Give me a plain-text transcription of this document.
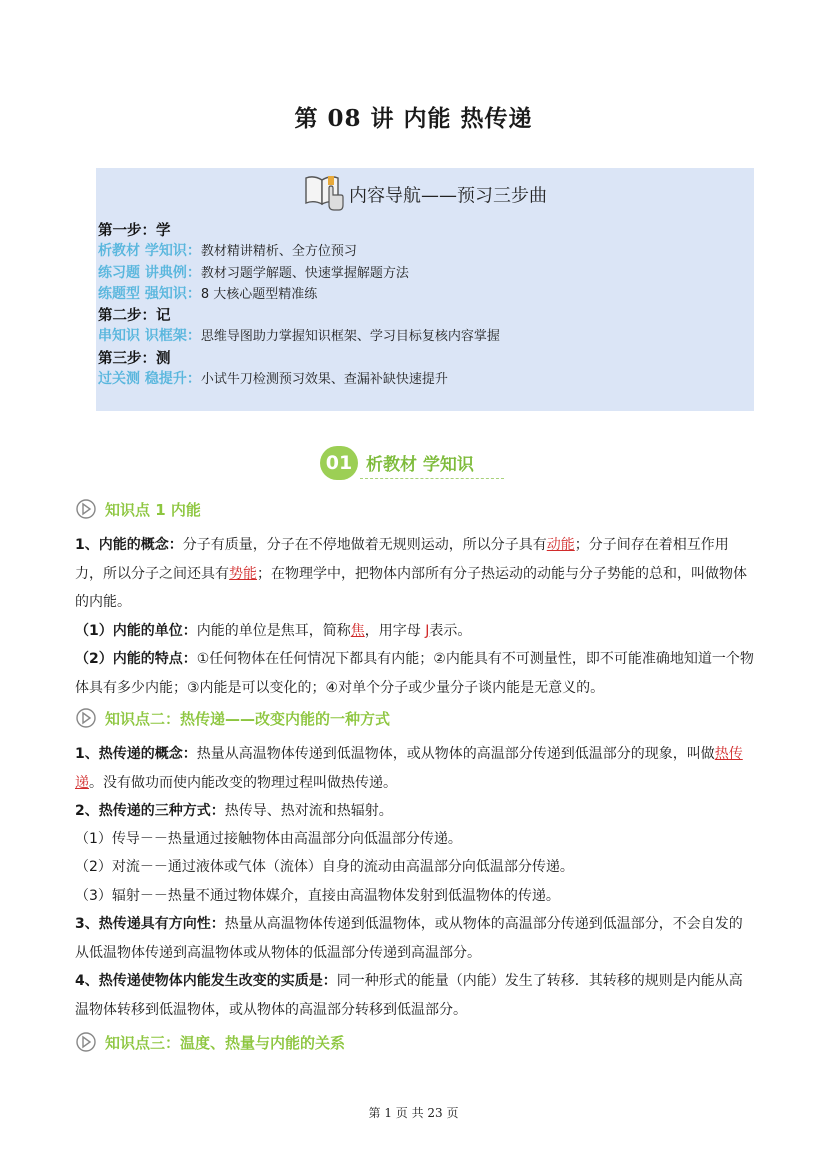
第 08 讲 内能 热传递
内容导航——预习三步曲
第一步：学
析教材 学知识：教材精讲精析、全方位预习
练习题 讲典例：教材习题学解题、快速掌握解题方法
练题型 强知识：8 大核心题型精准练
第二步：记
串知识 识框架：思维导图助力掌握知识框架、学习目标复核内容掌握
第三步：测
过关测 稳提升：小试牛刀检测预习效果、查漏补缺快速提升
01 析教材 学知识
知识点 1 内能
1、内能的概念：分子有质量，分子在不停地做着无规则运动，所以分子具有动能；分子间存在着相互作用力，所以分子之间还具有势能；在物理学中，把物体内部所有分子热运动的动能与分子势能的总和，叫做物体的内能。
（1）内能的单位：内能的单位是焦耳，简称焦，用字母 J表示。
（2）内能的特点：①任何物体在任何情况下都具有内能；②内能具有不可测量性，即不可能准确地知道一个物体具有多少内能；③内能是可以变化的；④对单个分子或少量分子谈内能是无意义的。
知识点二：热传递——改变内能的一种方式
1、热传递的概念：热量从高温物体传递到低温物体，或从物体的高温部分传递到低温部分的现象，叫做热传递。没有做功而使内能改变的物理过程叫做热传递。
2、热传递的三种方式：热传导、热对流和热辐射。
（1）传导－－热量通过接触物体由高温部分向低温部分传递。
（2）对流－－通过液体或气体（流体）自身的流动由高温部分向低温部分传递。
（3）辐射－－热量不通过物体媒介，直接由高温物体发射到低温物体的传递。
3、热传递具有方向性：热量从高温物体传递到低温物体，或从物体的高温部分传递到低温部分，不会自发的从低温物体传递到高温物体或从物体的低温部分传递到高温部分。
4、热传递使物体内能发生改变的实质是：同一种形式的能量（内能）发生了转移．其转移的规则是内能从高温物体转移到低温物体，或从物体的高温部分转移到低温部分。
知识点三：温度、热量与内能的关系
第 1 页 共 23 页
